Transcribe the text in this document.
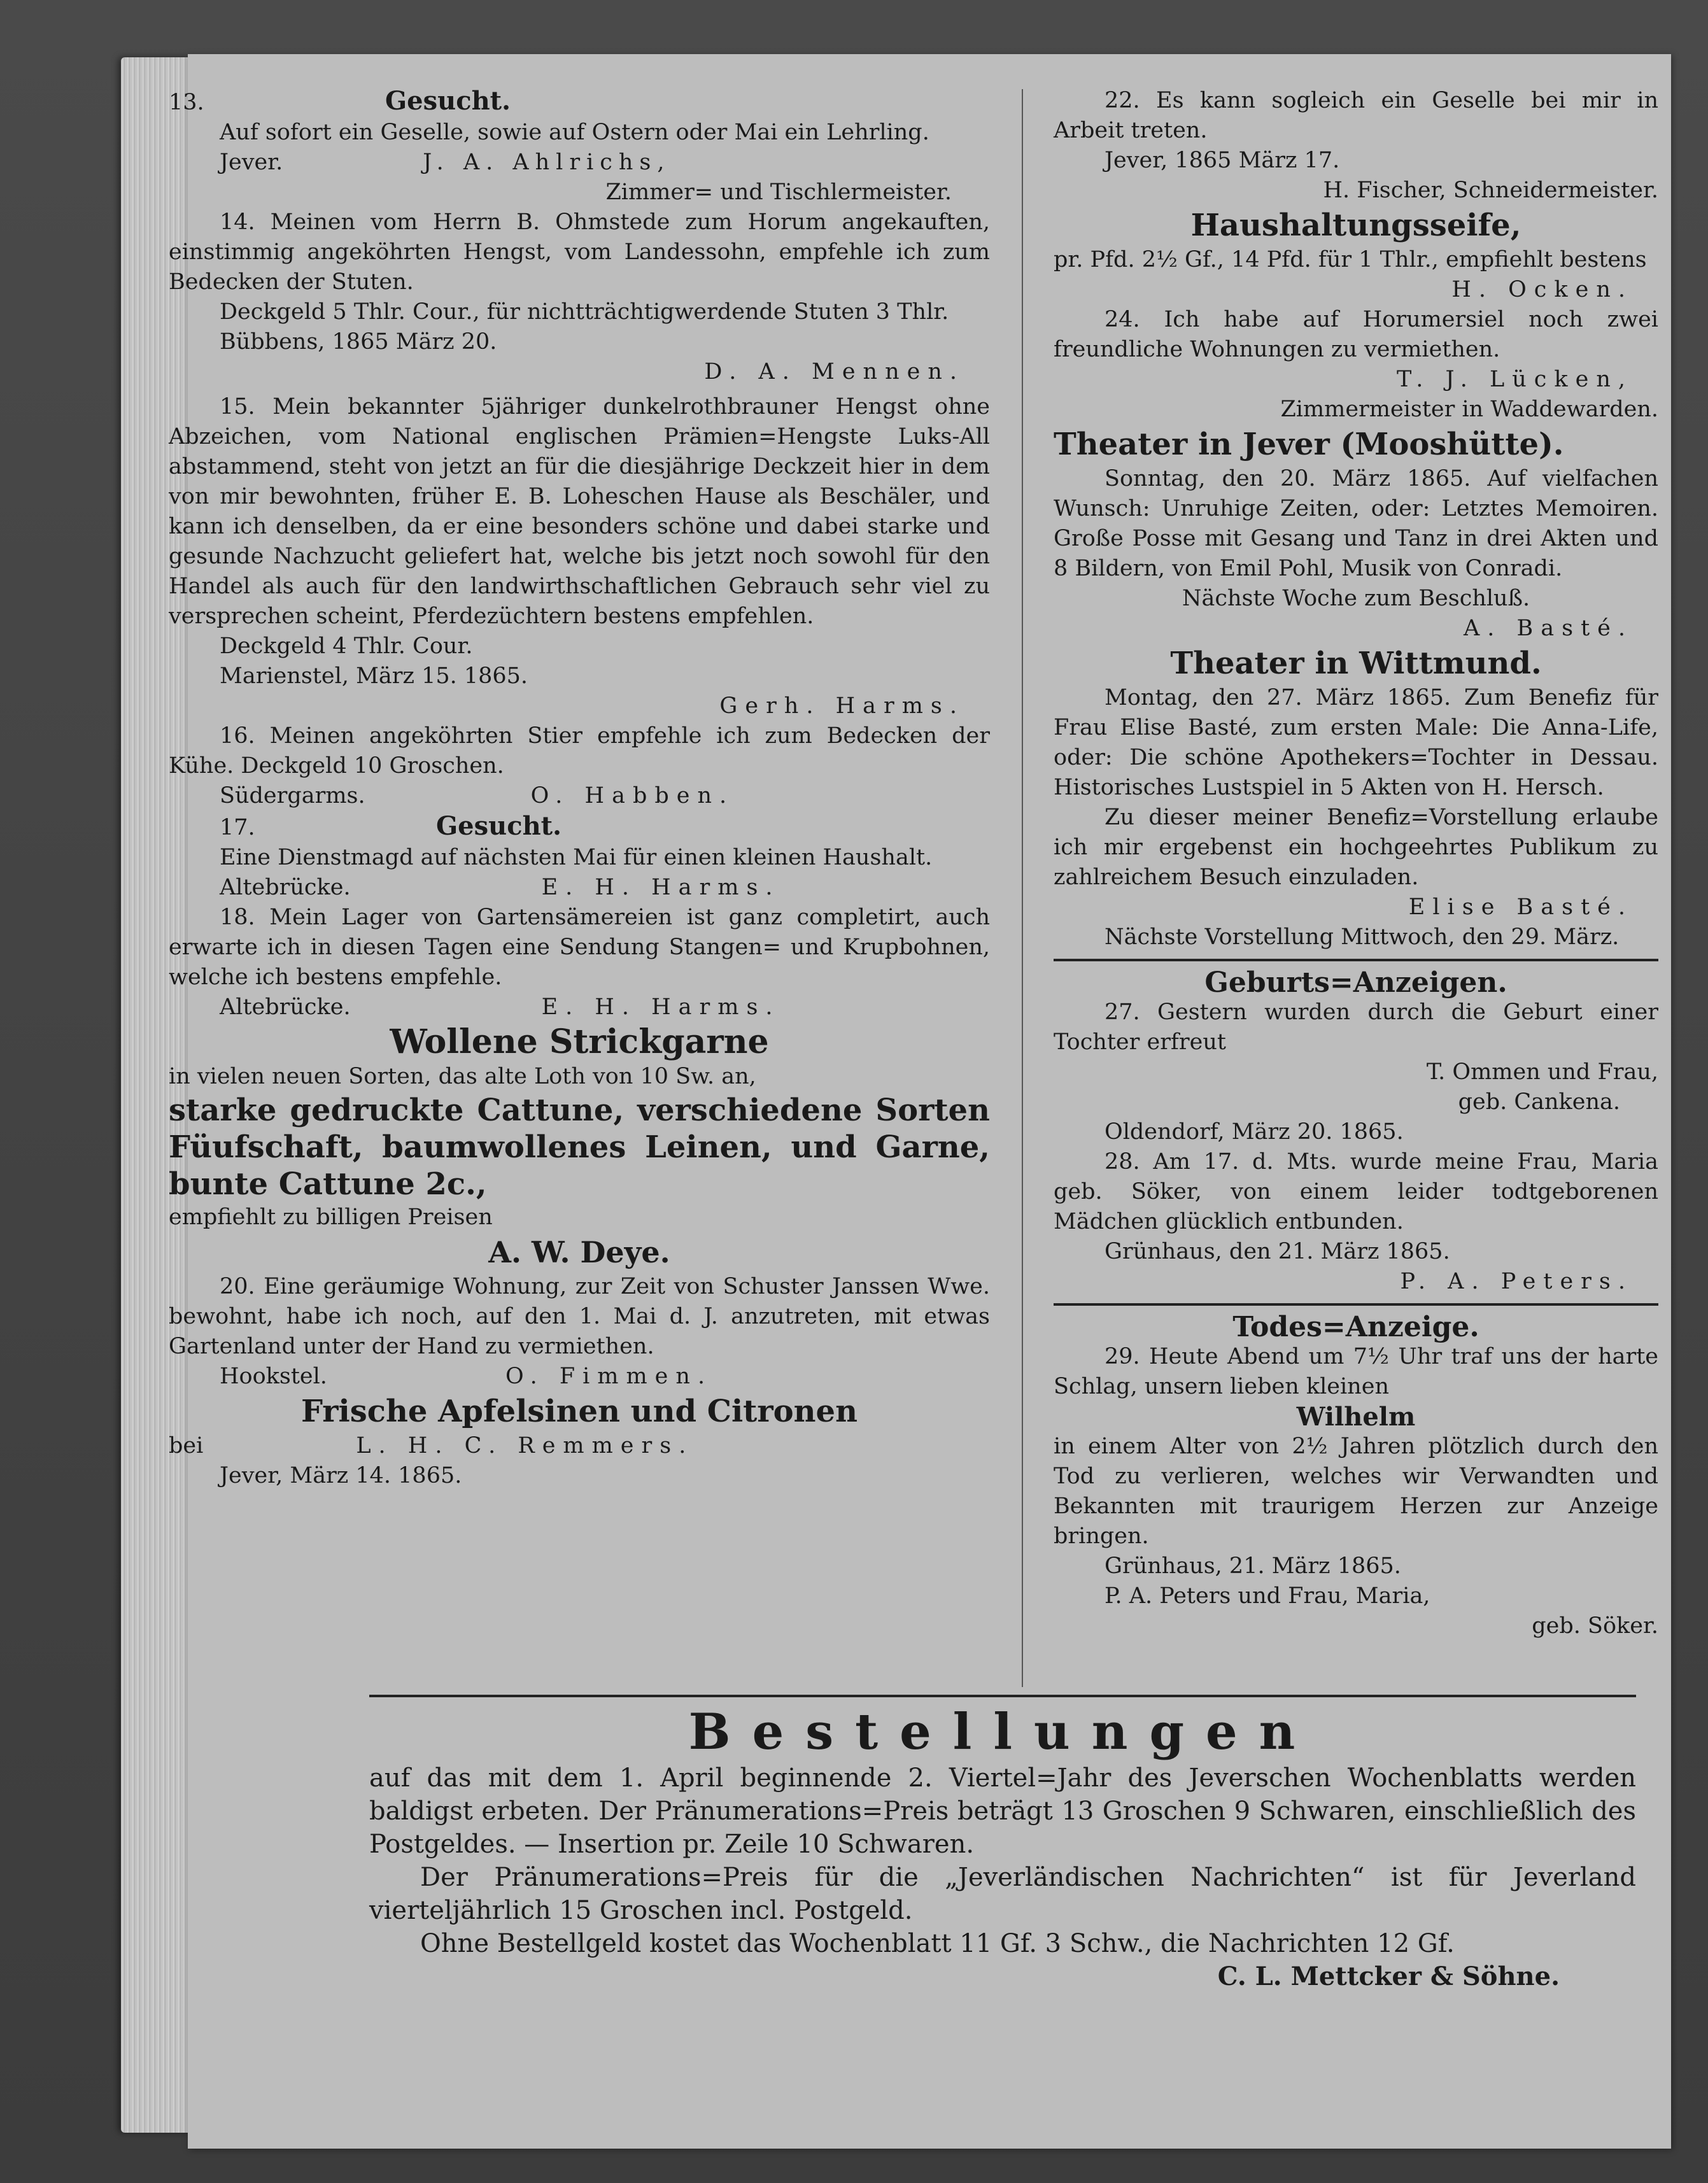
13.	Gesucht.

Auf sofort ein Geselle, sowie auf Ostern oder Mai ein Lehrling.

Jever.	J. A. Ahlrichs,

Zimmer= und Tischlermeister.

14. Meinen vom Herrn B. Ohmstede zum Horum angekauften, einstimmig angeköhrten Hengst, vom Landessohn, empfehle ich zum Bedecken der Stuten.

Deckgeld 5 Thlr. Cour., für nichtträchtigwerdende Stuten 3 Thlr.

Bübbens, 1865 März 20.

D. A. Mennen.

15. Mein bekannter 5jähriger dunkelrothbrauner Hengst ohne Abzeichen, vom National englischen Prämien=Hengste Luks-All abstammend, steht von jetzt an für die diesjährige Deckzeit hier in dem von mir bewohnten, früher E. B. Loheschen Hause als Beschäler, und kann ich denselben, da er eine besonders schöne und dabei starke und gesunde Nachzucht geliefert hat, welche bis jetzt noch sowohl für den Handel als auch für den landwirthschaftlichen Gebrauch sehr viel zu versprechen scheint, Pferdezüchtern bestens empfehlen.

Deckgeld 4 Thlr. Cour.

Marienstel, März 15. 1865.

Gerh. Harms.

16. Meinen angeköhrten Stier empfehle ich zum Bedecken der Kühe. Deckgeld 10 Groschen.

Südergarms.	O. Habben.

17.	Gesucht.

Eine Dienstmagd auf nächsten Mai für einen kleinen Haushalt.

Altebrücke.	E. H. Harms.

18. Mein Lager von Gartensämereien ist ganz completirt, auch erwarte ich in diesen Tagen eine Sendung Stangen= und Krupbohnen, welche ich bestens empfehle.

Altebrücke.	E. H. Harms.

Wollene Strickgarne

in vielen neuen Sorten, das alte Loth von 10 Sw. an,

starke gedruckte Cattune, verschiedene Sorten Füufschaft, baumwollenes Leinen, und Garne, bunte Cattune 2c.,

empfiehlt zu billigen Preisen

A. W. Deye.

20. Eine geräumige Wohnung, zur Zeit von Schuster Janssen Wwe. bewohnt, habe ich noch, auf den 1. Mai d. J. anzutreten, mit etwas Gartenland unter der Hand zu vermiethen.

Hookstel.	O. Fimmen.

Frische Apfelsinen und Citronen

bei	L. H. C. Remmers.

Jever, März 14. 1865.

22. Es kann sogleich ein Geselle bei mir in Arbeit treten.

Jever, 1865 März 17.

H. Fischer, Schneidermeister.

Haushaltungsseife,

pr. Pfd. 2½ Gf., 14 Pfd. für 1 Thlr., empfiehlt bestens

H. Ocken.

24. Ich habe auf Horumersiel noch zwei freundliche Wohnungen zu vermiethen.

T. J. Lücken,

Zimmermeister in Waddewarden.

Theater in Jever (Mooshütte).

Sonntag, den 20. März 1865. Auf vielfachen Wunsch: Unruhige Zeiten, oder: Letztes Memoiren. Große Posse mit Gesang und Tanz in drei Akten und 8 Bildern, von Emil Pohl, Musik von Conradi.

Nächste Woche zum Beschluß.

A. Basté.

Theater in Wittmund.

Montag, den 27. März 1865. Zum Benefiz für Frau Elise Basté, zum ersten Male: Die Anna-Life, oder: Die schöne Apothekers=Tochter in Dessau. Historisches Lustspiel in 5 Akten von H. Hersch.

Zu dieser meiner Benefiz=Vorstellung erlaube ich mir ergebenst ein hochgeehrtes Publikum zu zahlreichem Besuch einzuladen.

Elise Basté.

Nächste Vorstellung Mittwoch, den 29. März.

Geburts=Anzeigen.

27. Gestern wurden durch die Geburt einer Tochter erfreut

T. Ommen und Frau,

geb. Cankena.

Oldendorf, März 20. 1865.

28. Am 17. d. Mts. wurde meine Frau, Maria geb. Söker, von einem leider todtgeborenen Mädchen glücklich entbunden.

Grünhaus, den 21. März 1865.

P. A. Peters.

Todes=Anzeige.

29. Heute Abend um 7½ Uhr traf uns der harte Schlag, unsern lieben kleinen

Wilhelm

in einem Alter von 2½ Jahren plötzlich durch den Tod zu verlieren, welches wir Verwandten und Bekannten mit traurigem Herzen zur Anzeige bringen.

Grünhaus, 21. März 1865.

P. A. Peters und Frau, Maria,

geb. Söker.

Bestellungen

auf das mit dem 1. April beginnende 2. Viertel=Jahr des Jeverschen Wochenblatts werden baldigst erbeten. Der Pränumerations=Preis beträgt 13 Groschen 9 Schwaren, einschließlich des Postgeldes. — Insertion pr. Zeile 10 Schwaren.

Der Pränumerations=Preis für die „Jeverländischen Nachrichten“ ist für Jeverland vierteljährlich 15 Groschen incl. Postgeld.

Ohne Bestellgeld kostet das Wochenblatt 11 Gf. 3 Schw., die Nachrichten 12 Gf.

C. L. Mettcker & Söhne.
